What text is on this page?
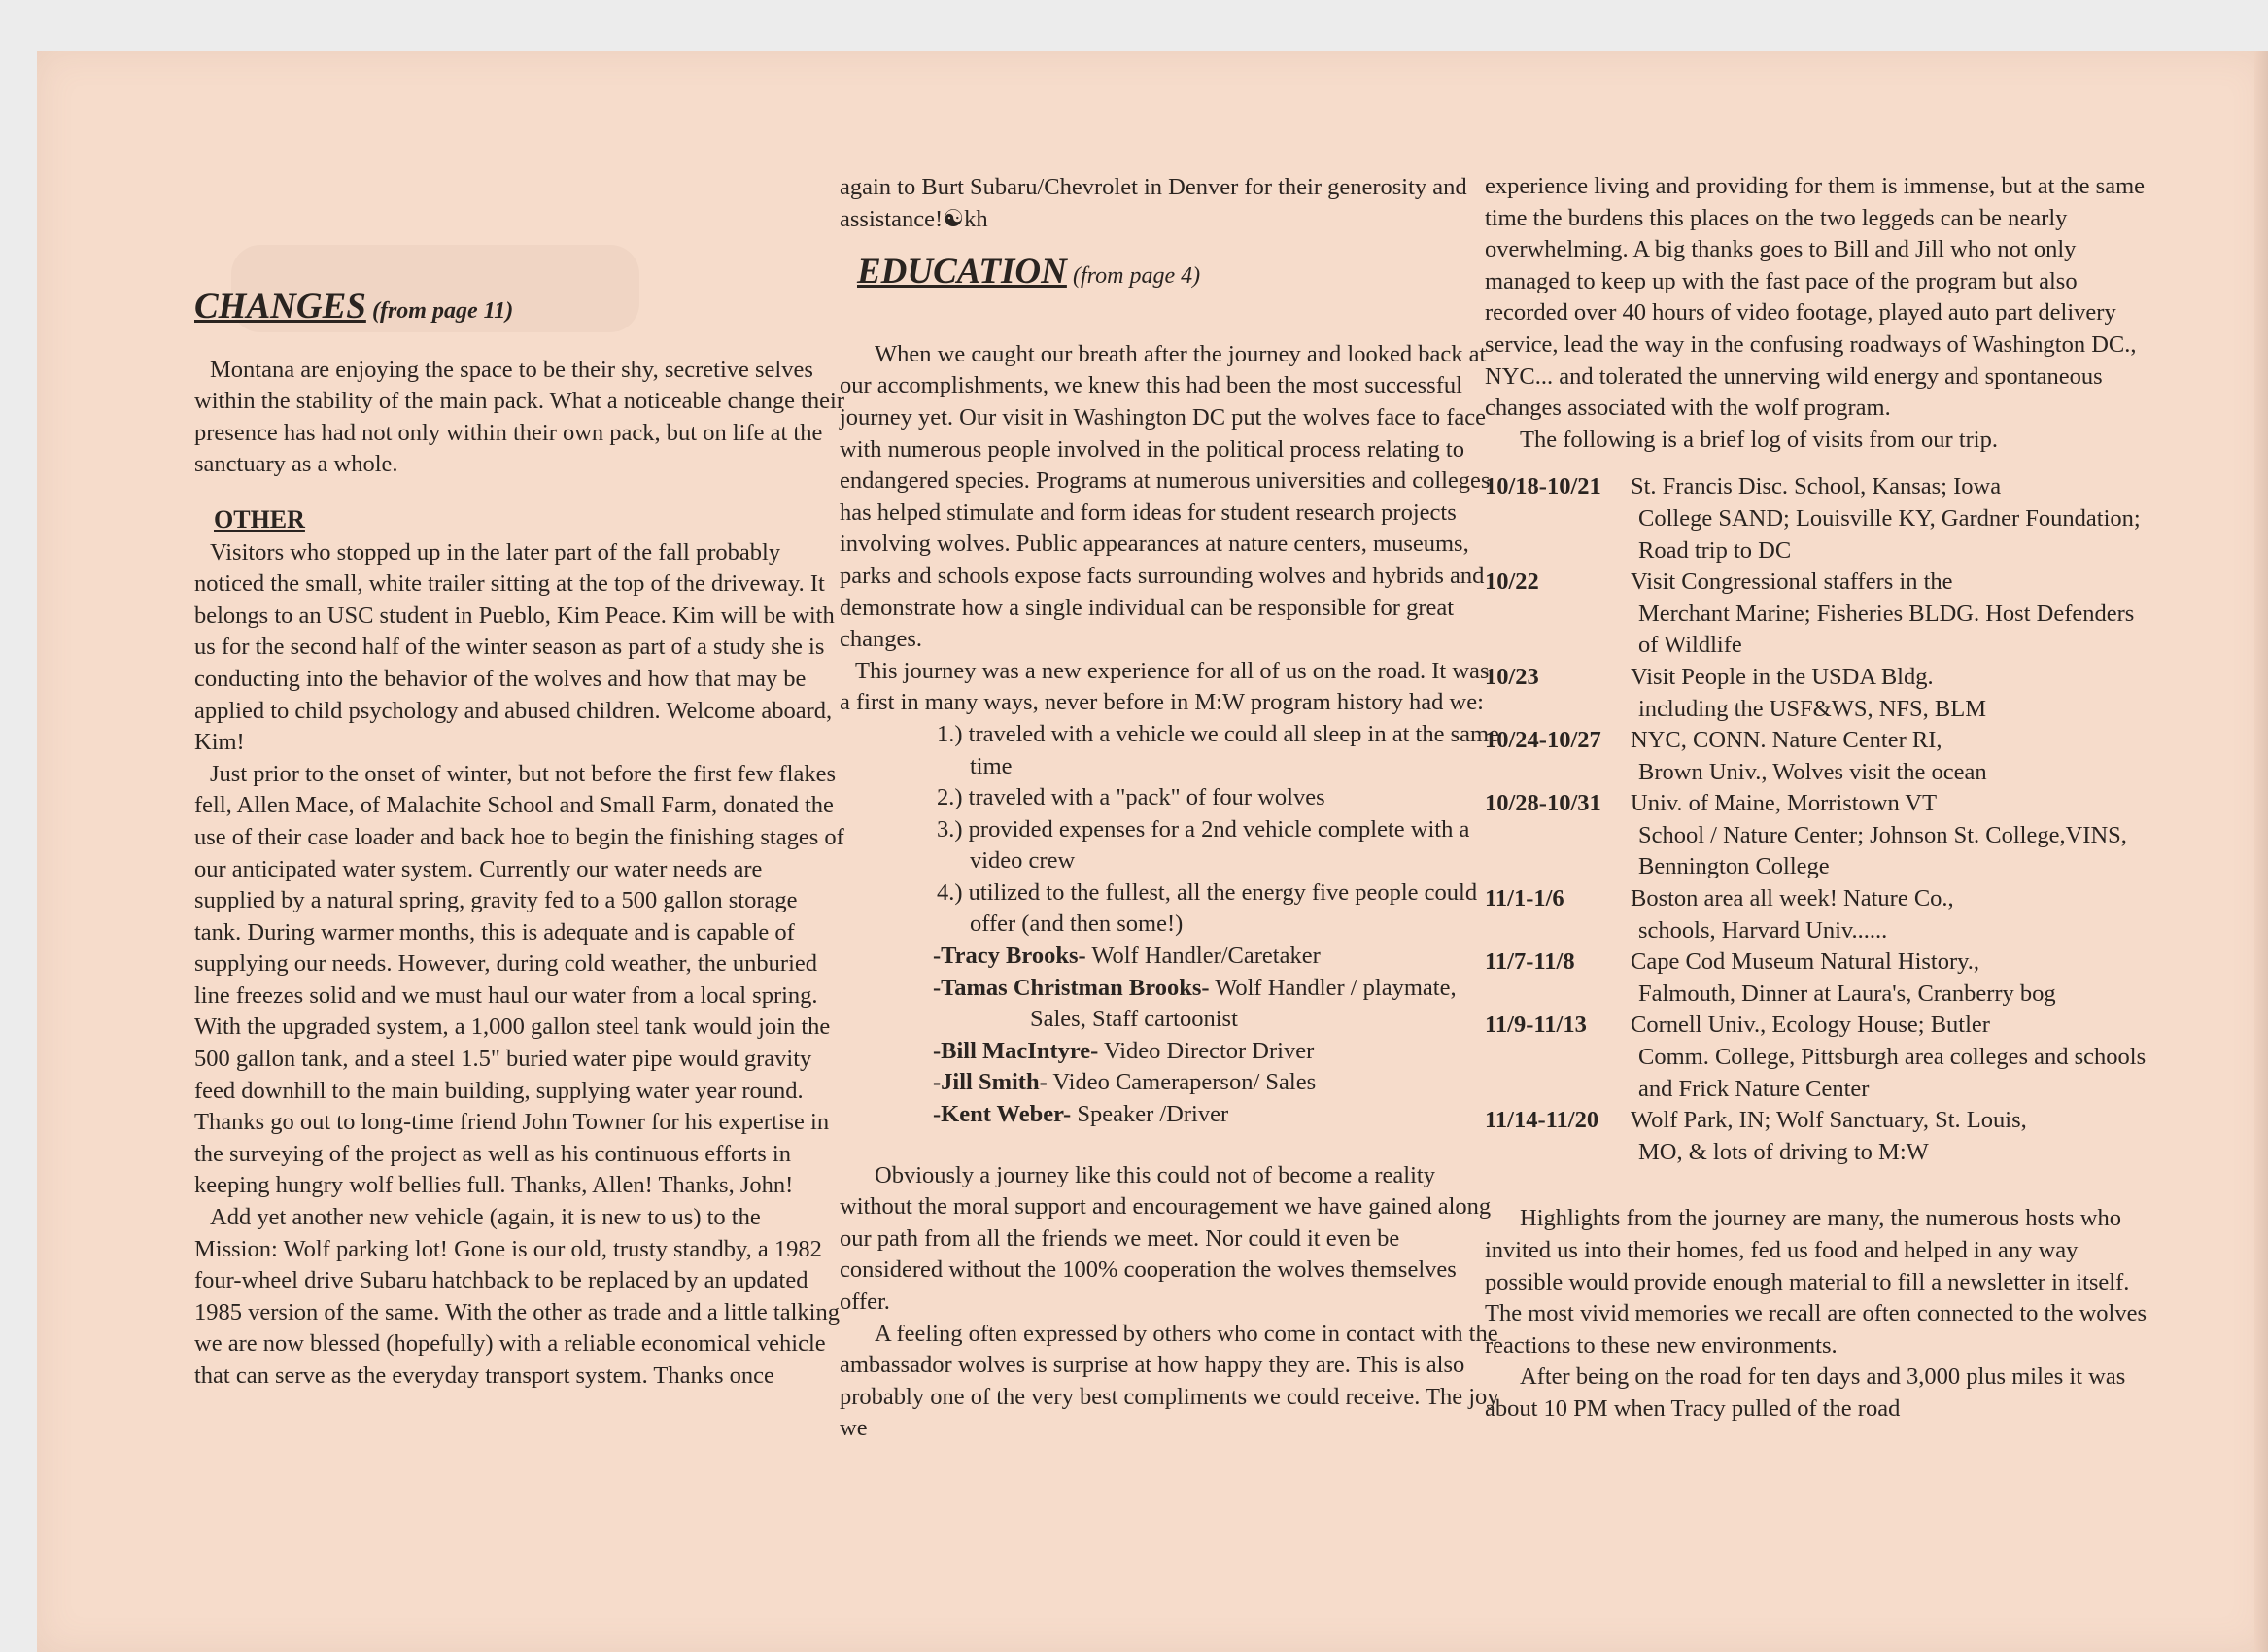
CHANGES (from page 11)

Montana are enjoying the space to be their shy, secretive selves within the stability of the main pack. What a noticeable change their presence has had not only within their own pack, but on life at the sanctuary as a whole.

OTHER

Visitors who stopped up in the later part of the fall probably noticed the small, white trailer sitting at the top of the driveway. It belongs to an USC student in Pueblo, Kim Peace. Kim will be with us for the second half of the winter season as part of a study she is conducting into the behavior of the wolves and how that may be applied to child psychology and abused children. Welcome aboard, Kim!

Just prior to the onset of winter, but not before the first few flakes fell, Allen Mace, of Malachite School and Small Farm, donated the use of their case loader and back hoe to begin the finishing stages of our anticipated water system. Currently our water needs are supplied by a natural spring, gravity fed to a 500 gallon storage tank. During warmer months, this is adequate and is capable of supplying our needs. However, during cold weather, the unburied line freezes solid and we must haul our water from a local spring.

With the upgraded system, a 1,000 gallon steel tank would join the 500 gallon tank, and a steel 1.5" buried water pipe would gravity feed downhill to the main building, supplying water year round. Thanks go out to long-time friend John Towner for his expertise in the surveying of the project as well as his continuous efforts in keeping hungry wolf bellies full. Thanks, Allen! Thanks, John!

Add yet another new vehicle (again, it is new to us) to the Mission: Wolf parking lot! Gone is our old, trusty standby, a 1982 four-wheel drive Subaru hatchback to be replaced by an updated 1985 version of the same. With the other as trade and a little talking we are now blessed (hopefully) with a reliable economical vehicle that can serve as the everyday transport system. Thanks once

again to Burt Subaru/Chevrolet in Denver for their generosity and assistance!☯kh

EDUCATION (from page 4)

When we caught our breath after the journey and looked back at our accomplishments, we knew this had been the most successful journey yet. Our visit in Washington DC put the wolves face to face with numerous people involved in the political process relating to endangered species. Programs at numerous universities and colleges has helped stimulate and form ideas for student research projects involving wolves. Public appearances at nature centers, museums, parks and schools expose facts surrounding wolves and hybrids and demonstrate how a single individual can be responsible for great changes.

This journey was a new experience for all of us on the road. It was a first in many ways, never before in M:W program history had we:

1.) traveled with a vehicle we could all sleep in at the same time

2.) traveled with a "pack" of four wolves

3.) provided expenses for a 2nd vehicle complete with a video crew

4.) utilized to the fullest, all the energy five people could offer (and then some!)

-Tracy Brooks- Wolf Handler/Caretaker

-Tamas Christman Brooks- Wolf Handler / playmate, Sales, Staff cartoonist

-Bill MacIntyre- Video Director Driver

-Jill Smith- Video Cameraperson/ Sales

-Kent Weber- Speaker /Driver

Obviously a journey like this could not of become a reality without the moral support and encouragement we have gained along our path from all the friends we meet. Nor could it even be considered without the 100% cooperation the wolves themselves offer.

A feeling often expressed by others who come in contact with the ambassador wolves is surprise at how happy they are. This is also probably one of the very best compliments we could receive. The joy we

experience living and providing for them is immense, but at the same time the burdens this places on the two leggeds can be nearly overwhelming. A big thanks goes to Bill and Jill who not only managed to keep up with the fast pace of the program but also recorded over 40 hours of video footage, played auto part delivery service, lead the way in the confusing roadways of Washington DC., NYC... and tolerated the unnerving wild energy and spontaneous changes associated with the wolf program.

The following is a brief log of visits from our trip.

10/18-10/21	St. Francis Disc. School, Kansas; Iowa

College SAND; Louisville KY, Gardner Foundation; Road trip to DC

10/22	Visit Congressional staffers in the

Merchant Marine; Fisheries BLDG. Host Defenders of Wildlife

10/23	Visit People in the USDA Bldg.

including the USF&WS, NFS, BLM

10/24-10/27	NYC, CONN. Nature Center RI,

Brown Univ., Wolves visit the ocean

10/28-10/31	Univ. of Maine, Morristown VT

School / Nature Center; Johnson St. College,VINS, Bennington College

11/1-1/6	Boston area all week! Nature Co.,

schools, Harvard Univ......

11/7-11/8	Cape Cod Museum Natural History.,

Falmouth, Dinner at Laura's, Cranberry bog

11/9-11/13	Cornell Univ., Ecology House; Butler

Comm. College, Pittsburgh area colleges and schools and Frick Nature Center

11/14-11/20	Wolf Park, IN; Wolf Sanctuary, St. Louis,

MO, & lots of driving to M:W

Highlights from the journey are many, the numerous hosts who invited us into their homes, fed us food and helped in any way possible would provide enough material to fill a newsletter in itself. The most vivid memories we recall are often connected to the wolves reactions to these new environments.

After being on the road for ten days and 3,000 plus miles it was about 10 PM when Tracy pulled of the road
